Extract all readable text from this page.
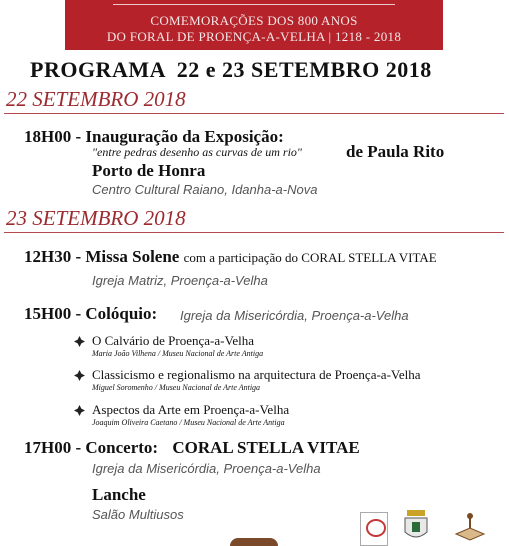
COMEMORAÇÕES DOS 800 ANOS
DO FORAL DE PROENÇA-A-VELHA | 1218 - 2018
PROGRAMA  22 e 23 SETEMBRO 2018
22 SETEMBRO 2018
18H00 - Inauguração da Exposição:
"entre pedras desenho as curvas de um rio"	de Paula Rito
Porto de Honra
Centro Cultural Raiano, Idanha-a-Nova
23 SETEMBRO 2018
12H30 - Missa Solene com a participação do CORAL STELLA VITAE
Igreja Matriz, Proença-a-Velha
15H00 - Colóquio: Igreja da Misericórdia, Proença-a-Velha
O Calvário de Proença-a-Velha
Maria João Vilhena / Museu Nacional de Arte Antiga
Classicismo e regionalismo na arquitectura de Proença-a-Velha
Miguel Soromenho / Museu Nacional de Arte Antiga
Aspectos da Arte em Proença-a-Velha
Joaquim Oliveira Caetano / Museu Nacional de Arte Antiga
17H00 - Concerto: CORAL STELLA VITAE
Igreja da Misericórdia, Proença-a-Velha
Lanche
Salão Multiusos
